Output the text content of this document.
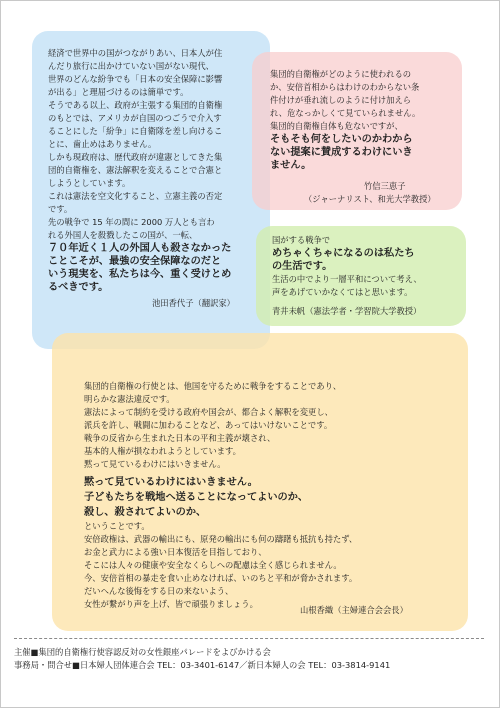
経済で世界中の国がつながりあい、日本人が住
んだり旅行に出かけていない国がない現代、
世界のどんな紛争でも「日本の安全保障に影響
が出る」と理屈づけるのは簡単です。
そうである以上、政府が主張する集団的自衛権
のもとでは、アメリカが自国のつごうで介入す
ることにした「紛争」に自衛隊を差し向けるこ
とに、歯止めはありません。
しかも現政府は、歴代政府が違憲としてきた集
団的自衛権を、憲法解釈を変えることで合憲と
しようとしています。
これは憲法を空文化すること、立憲主義の否定
です。
先の戦争で 15 年の間に 2000 万人とも言わ
れる外国人を殺戮したこの国が、一転、
７０年近く１人の外国人も殺さなかった
ことこそが、最強の安全保障なのだと
いう現実を、私たちは今、重く受けとめ
るべきです。
池田香代子（翻訳家）
集団的自衛権がどのように使われるの
か、安倍首相からはわけのわからない条
件付けが垂れ流しのように付け加えら
れ、危なっかしくて見ていられません。
集団的自衛権自体も危ないですが、
そもそも何をしたいのかわから
ない提案に賛成するわけにいき
ません。
竹信三恵子
（ジャーナリスト、和光大学教授）
国がする戦争で
めちゃくちゃになるのは私たち
の生活です。
生活の中でより一層平和について考え、
声をあげていかなくてはと思います。
青井未帆（憲法学者・学習院大学教授）
集団的自衛権の行使とは、他国を守るために戦争をすることであり、
明らかな憲法違反です。
憲法によって制約を受ける政府や国会が、都合よく解釈を変更し、
派兵を許し、戦闘に加わることなど、あってはいけないことです。
戦争の反省から生まれた日本の平和主義が壊され、
基本的人権が損なわれようとしています。
黙って見ているわけにはいきません。
黙って見ているわけにはいきません。
子どもたちを戦地へ送ることになってよいのか、
殺し、殺されてよいのか、
ということです。
安倍政権は、武器の輸出にも、原発の輸出にも何の躊躇も抵抗も持たず、
お金と武力による強い日本復活を目指しており、
そこには人々の健康や安全なくらしへの配慮は全く感じられません。
今、安倍首相の暴走を食い止めなければ、いのちと平和が脅かされます。
だいへんな後悔をする日の来ないよう、
女性が繋がり声を上げ、皆で頑張りましょう。
山根香織（主婦連合会会長）
主催■集団的自衛権行使容認反対の女性銀座パレードをよびかける会
事務局・問合せ■日本婦人団体連合会 TEL：03-3401-6147／新日本婦人の会 TEL：03-3814-9141
